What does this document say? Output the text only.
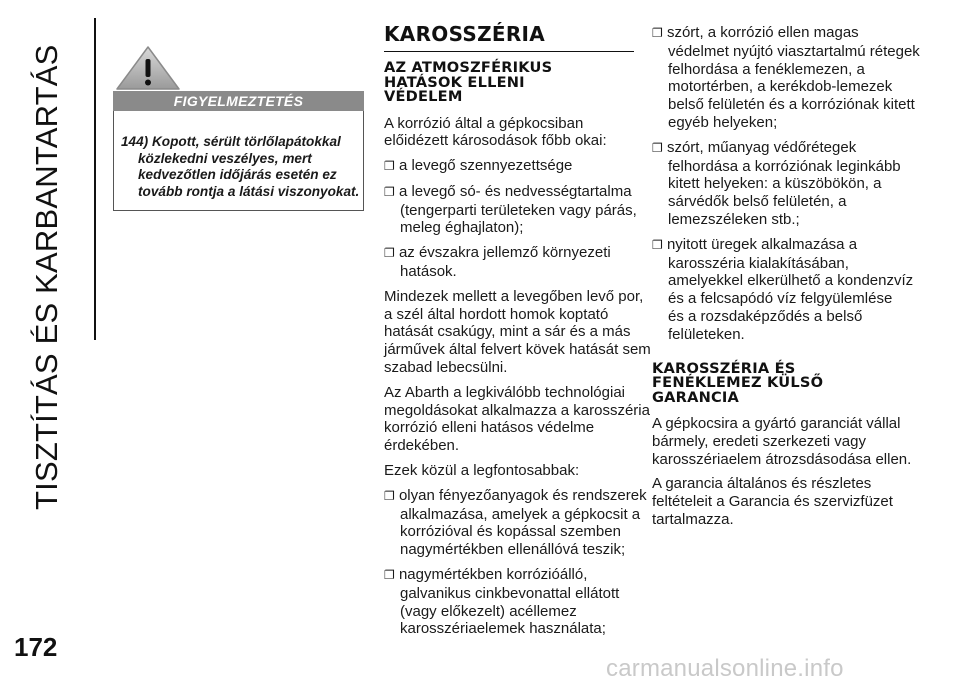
TISZTÍTÁS ÉS KARBANTARTÁS
172
carmanualsonline.info
FIGYELMEZTETÉS
144) Kopott, sérült törlőlapátokkal
közlekedni veszélyes, mert
kedvezőtlen időjárás esetén ez
tovább rontja a látási viszonyokat.
KAROSSZÉRIA
AZ ATMOSZFÉRIKUS
HATÁSOK ELLENI
VÉDELEM

A korrózió által a gépkocsiban
előidézett károsodások főbb okai:

❐ a levegő szennyezettsége

❐ a levegő só- és nedvességtartalma
(tengerparti területeken vagy párás,
meleg éghajlaton);

❐ az évszakra jellemző környezeti
hatások.

Mindezek mellett a levegőben levő por,
a szél által hordott homok koptató
hatását csakúgy, mint a sár és a más
járművek által felvert kövek hatását sem
szabad lebecsülni.

Az Abarth a legkiválóbb technológiai
megoldásokat alkalmazza a karosszéria
korrózió elleni hatásos védelme
érdekében.

Ezek közül a legfontosabbak:

❐ olyan fényezőanyagok és rendszerek
alkalmazása, amelyek a gépkocsit a
korrózióval és kopással szemben
nagymértékben ellenállóvá teszik;

❐ nagymértékben korrózióálló,
galvanikus cinkbevonattal ellátott
(vagy előkezelt) acéllemez
karosszériaelemek használata;

❐ szórt, a korrózió ellen magas
védelmet nyújtó viasztartalmú rétegek
felhordása a fenéklemezen, a
motortérben, a kerékdob-lemezek
belső felületén és a korróziónak kitett
egyéb helyeken;

❐ szórt, műanyag védőrétegek
felhordása a korróziónak leginkább
kitett helyeken: a küszöbökön, a
sárvédők belső felületén, a
lemezszéleken stb.;

❐ nyitott üregek alkalmazása a
karosszéria kialakításában,
amelyekkel elkerülhető a kondenzvíz
és a felcsapódó víz felgyülemlése
és a rozsdaképződés a belső
felületeken.

KAROSSZÉRIA ÉS
FENÉKLEMEZ KÜLSŐ
GARANCIA

A gépkocsira a gyártó garanciát vállal
bármely, eredeti szerkezeti vagy
karosszériaelem átrozsdásodása ellen.

A garancia általános és részletes
feltételeit a Garancia és szervizfüzet
tartalmazza.
